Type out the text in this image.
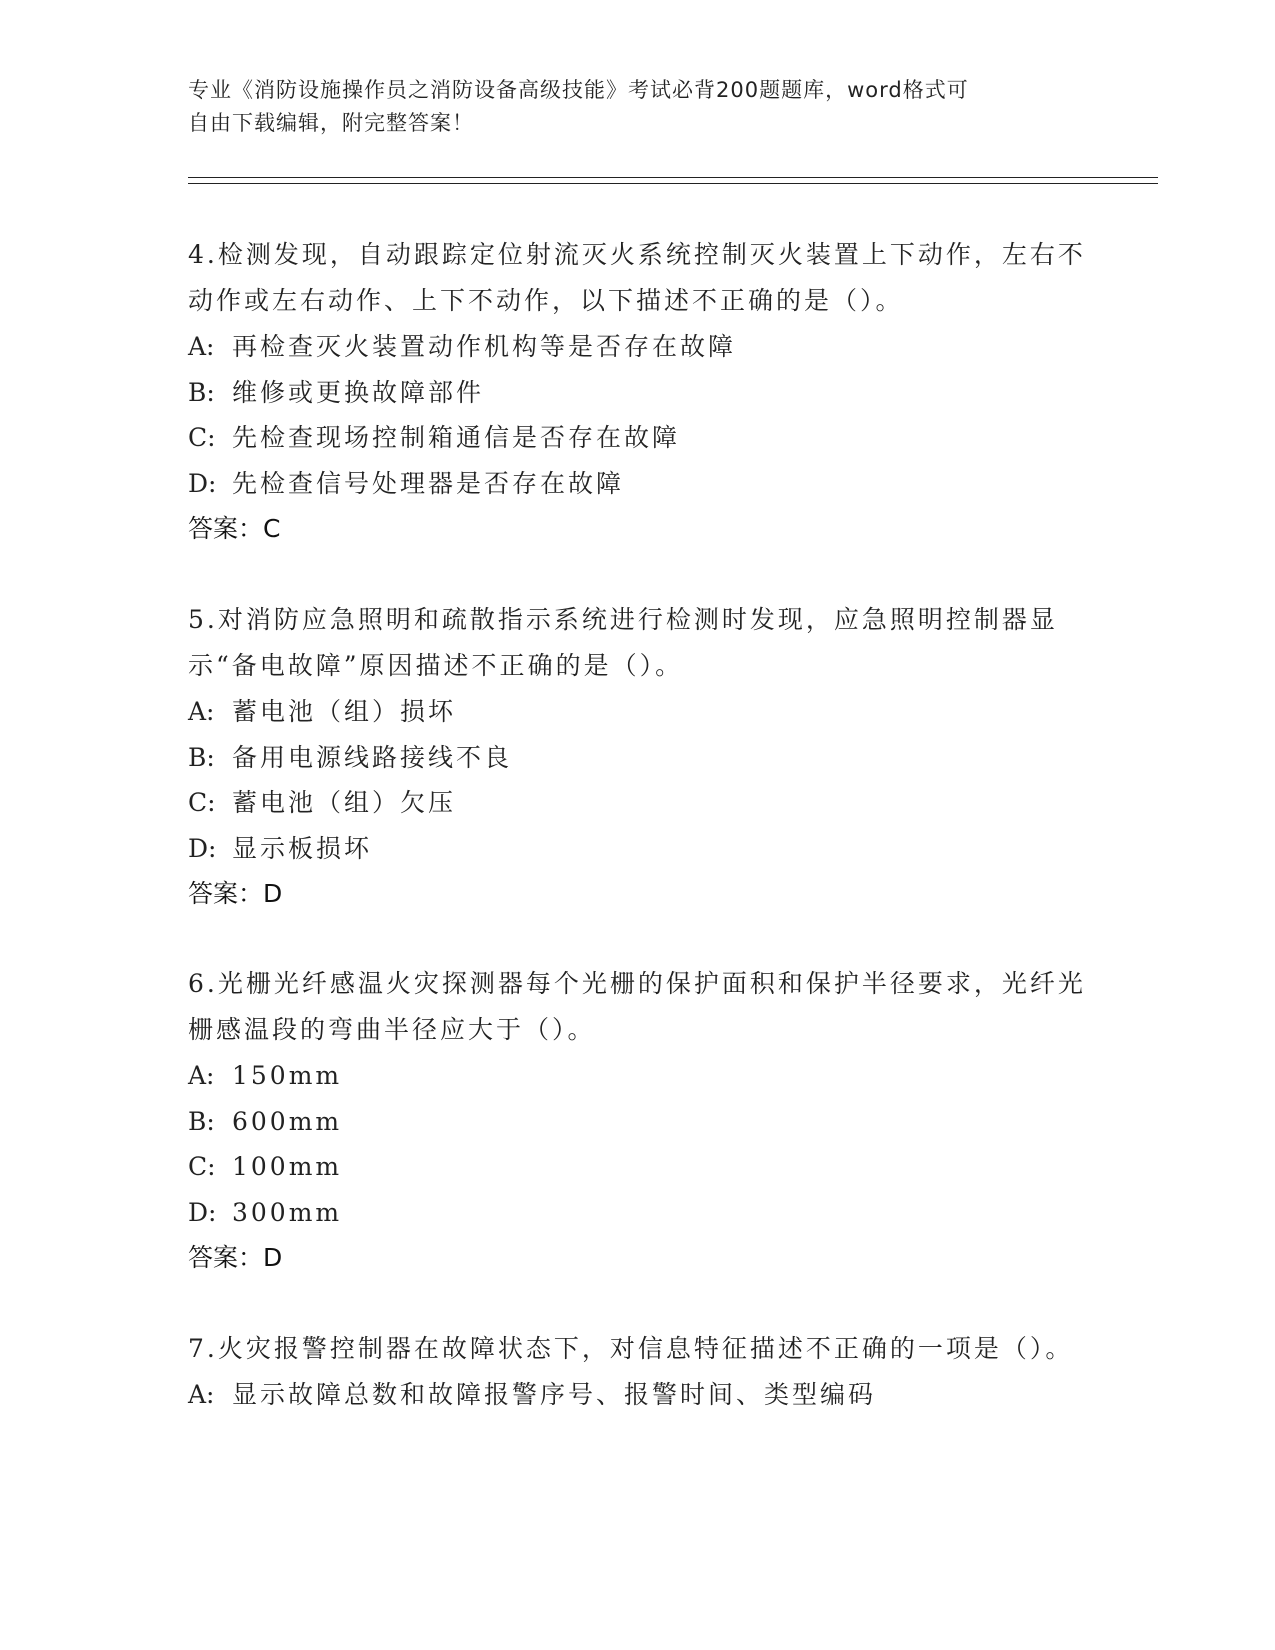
专业《消防设施操作员之消防设备高级技能》考试必背200题题库，word格式可
自由下载编辑，附完整答案！
4.检测发现，自动跟踪定位射流灭火系统控制灭火装置上下动作，左右不动作或左右动作、上下不动作，以下描述不正确的是（）。
A: 再检查灭火装置动作机构等是否存在故障
B: 维修或更换故障部件
C: 先检查现场控制箱通信是否存在故障
D: 先检查信号处理器是否存在故障
答案：C
5.对消防应急照明和疏散指示系统进行检测时发现，应急照明控制器显示“备电故障”原因描述不正确的是（）。
A: 蓄电池（组）损坏
B: 备用电源线路接线不良
C: 蓄电池（组）欠压
D: 显示板损坏
答案：D
6.光栅光纤感温火灾探测器每个光栅的保护面积和保护半径要求，光纤光栅感温段的弯曲半径应大于（）。
A: 150mm
B: 600mm
C: 100mm
D: 300mm
答案：D
7.火灾报警控制器在故障状态下，对信息特征描述不正确的一项是（）。
A: 显示故障总数和故障报警序号、报警时间、类型编码
